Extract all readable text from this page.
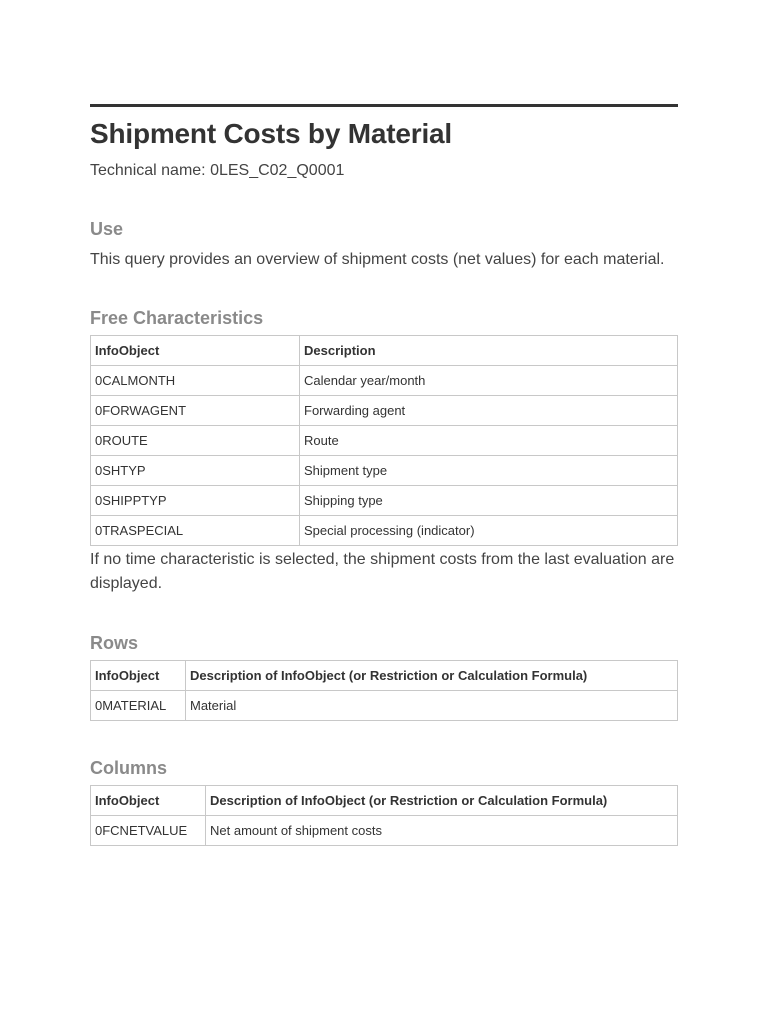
Shipment Costs by Material
Technical name: 0LES_C02_Q0001
Use
This query provides an overview of shipment costs (net values) for each material.
Free Characteristics
InfoObject	Description
0CALMONTH	Calendar year/month
0FORWAGENT	Forwarding agent
0ROUTE	Route
0SHTYP	Shipment type
0SHIPPTYP	Shipping type
0TRASPECIAL	Special processing (indicator)
If no time characteristic is selected, the shipment costs from the last evaluation are displayed.
Rows
InfoObject	Description of InfoObject (or Restriction or Calculation Formula)
0MATERIAL	Material
Columns
InfoObject	Description of InfoObject (or Restriction or Calculation Formula)
0FCNETVALUE	Net amount of shipment costs
